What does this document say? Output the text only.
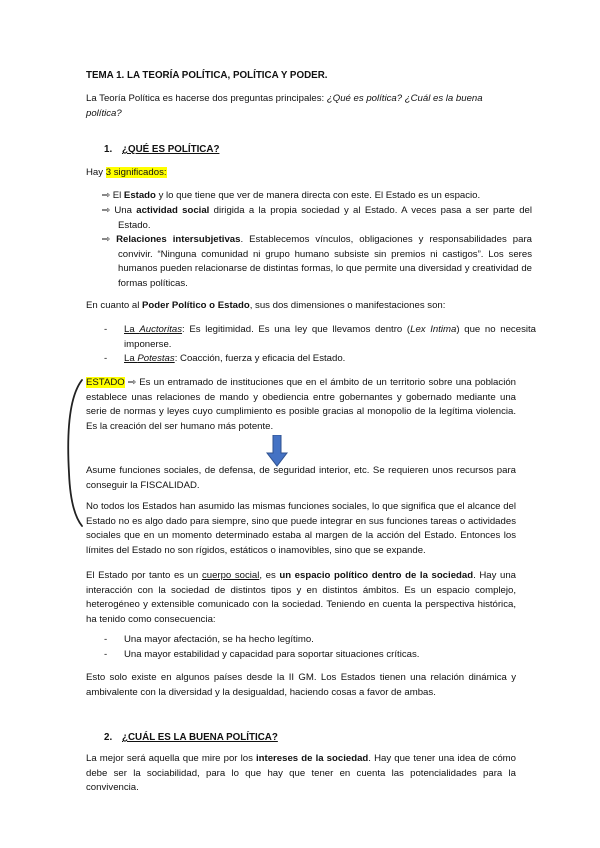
TEMA 1. LA TEORÍA POLÍTICA, POLÍTICA Y PODER.

La Teoría Política es hacerse dos preguntas principales: ¿Qué es política? ¿Cuál es la buena política?

1. ¿QUÉ ES POLÍTICA?

Hay 3 significados:

⇨ El Estado y lo que tiene que ver de manera directa con este. El Estado es un espacio.

⇨ Una actividad social dirigida a la propia sociedad y al Estado. A veces pasa a ser parte del Estado.

⇨ Relaciones intersubjetivas. Establecemos vínculos, obligaciones y responsabilidades para convivir. “Ninguna comunidad ni grupo humano subsiste sin premios ni castigos”. Los seres humanos pueden relacionarse de distintas formas, lo que permite una diversidad y creatividad de formas políticas.

En cuanto al Poder Político o Estado, sus dos dimensiones o manifestaciones son:

- La Auctoritas: Es legitimidad. Es una ley que llevamos dentro (Lex Intima) que no necesita imponerse.

- La Potestas: Coacción, fuerza y eficacia del Estado.

ESTADO ⇨ Es un entramado de instituciones que en el ámbito de un territorio sobre una población establece unas relaciones de mando y obediencia entre gobernantes y gobernado mediante una serie de normas y leyes cuyo cumplimiento es posible gracias al monopolio de la legítima violencia. Es la creación del ser humano más potente.

Asume funciones sociales, de defensa, de seguridad interior, etc. Se requieren unos recursos para conseguir la FISCALIDAD.

No todos los Estados han asumido las mismas funciones sociales, lo que significa que el alcance del Estado no es algo dado para siempre, sino que puede integrar en sus funciones tareas o actividades sociales que en un momento determinado estaba al margen de la acción del Estado. Entonces los límites del Estado no son rígidos, estáticos o inamovibles, sino que se expande.

El Estado por tanto es un cuerpo social, es un espacio político dentro de la sociedad. Hay una interacción con la sociedad de distintos tipos y en distintos ámbitos. Es un espacio complejo, heterogéneo y extensible comunicado con la sociedad. Teniendo en cuenta la perspectiva histórica, ha tenido como consecuencia:

- Una mayor afectación, se ha hecho legítimo.

- Una mayor estabilidad y capacidad para soportar situaciones críticas.

Esto solo existe en algunos países desde la II GM. Los Estados tienen una relación dinámica y ambivalente con la diversidad y la desigualdad, haciendo cosas a favor de ambas.

2. ¿CUÁL ES LA BUENA POLÍTICA?

La mejor será aquella que mire por los intereses de la sociedad. Hay que tener una idea de cómo debe ser la sociabilidad, para lo que hay que tener en cuenta las potencialidades para la convivencia.
